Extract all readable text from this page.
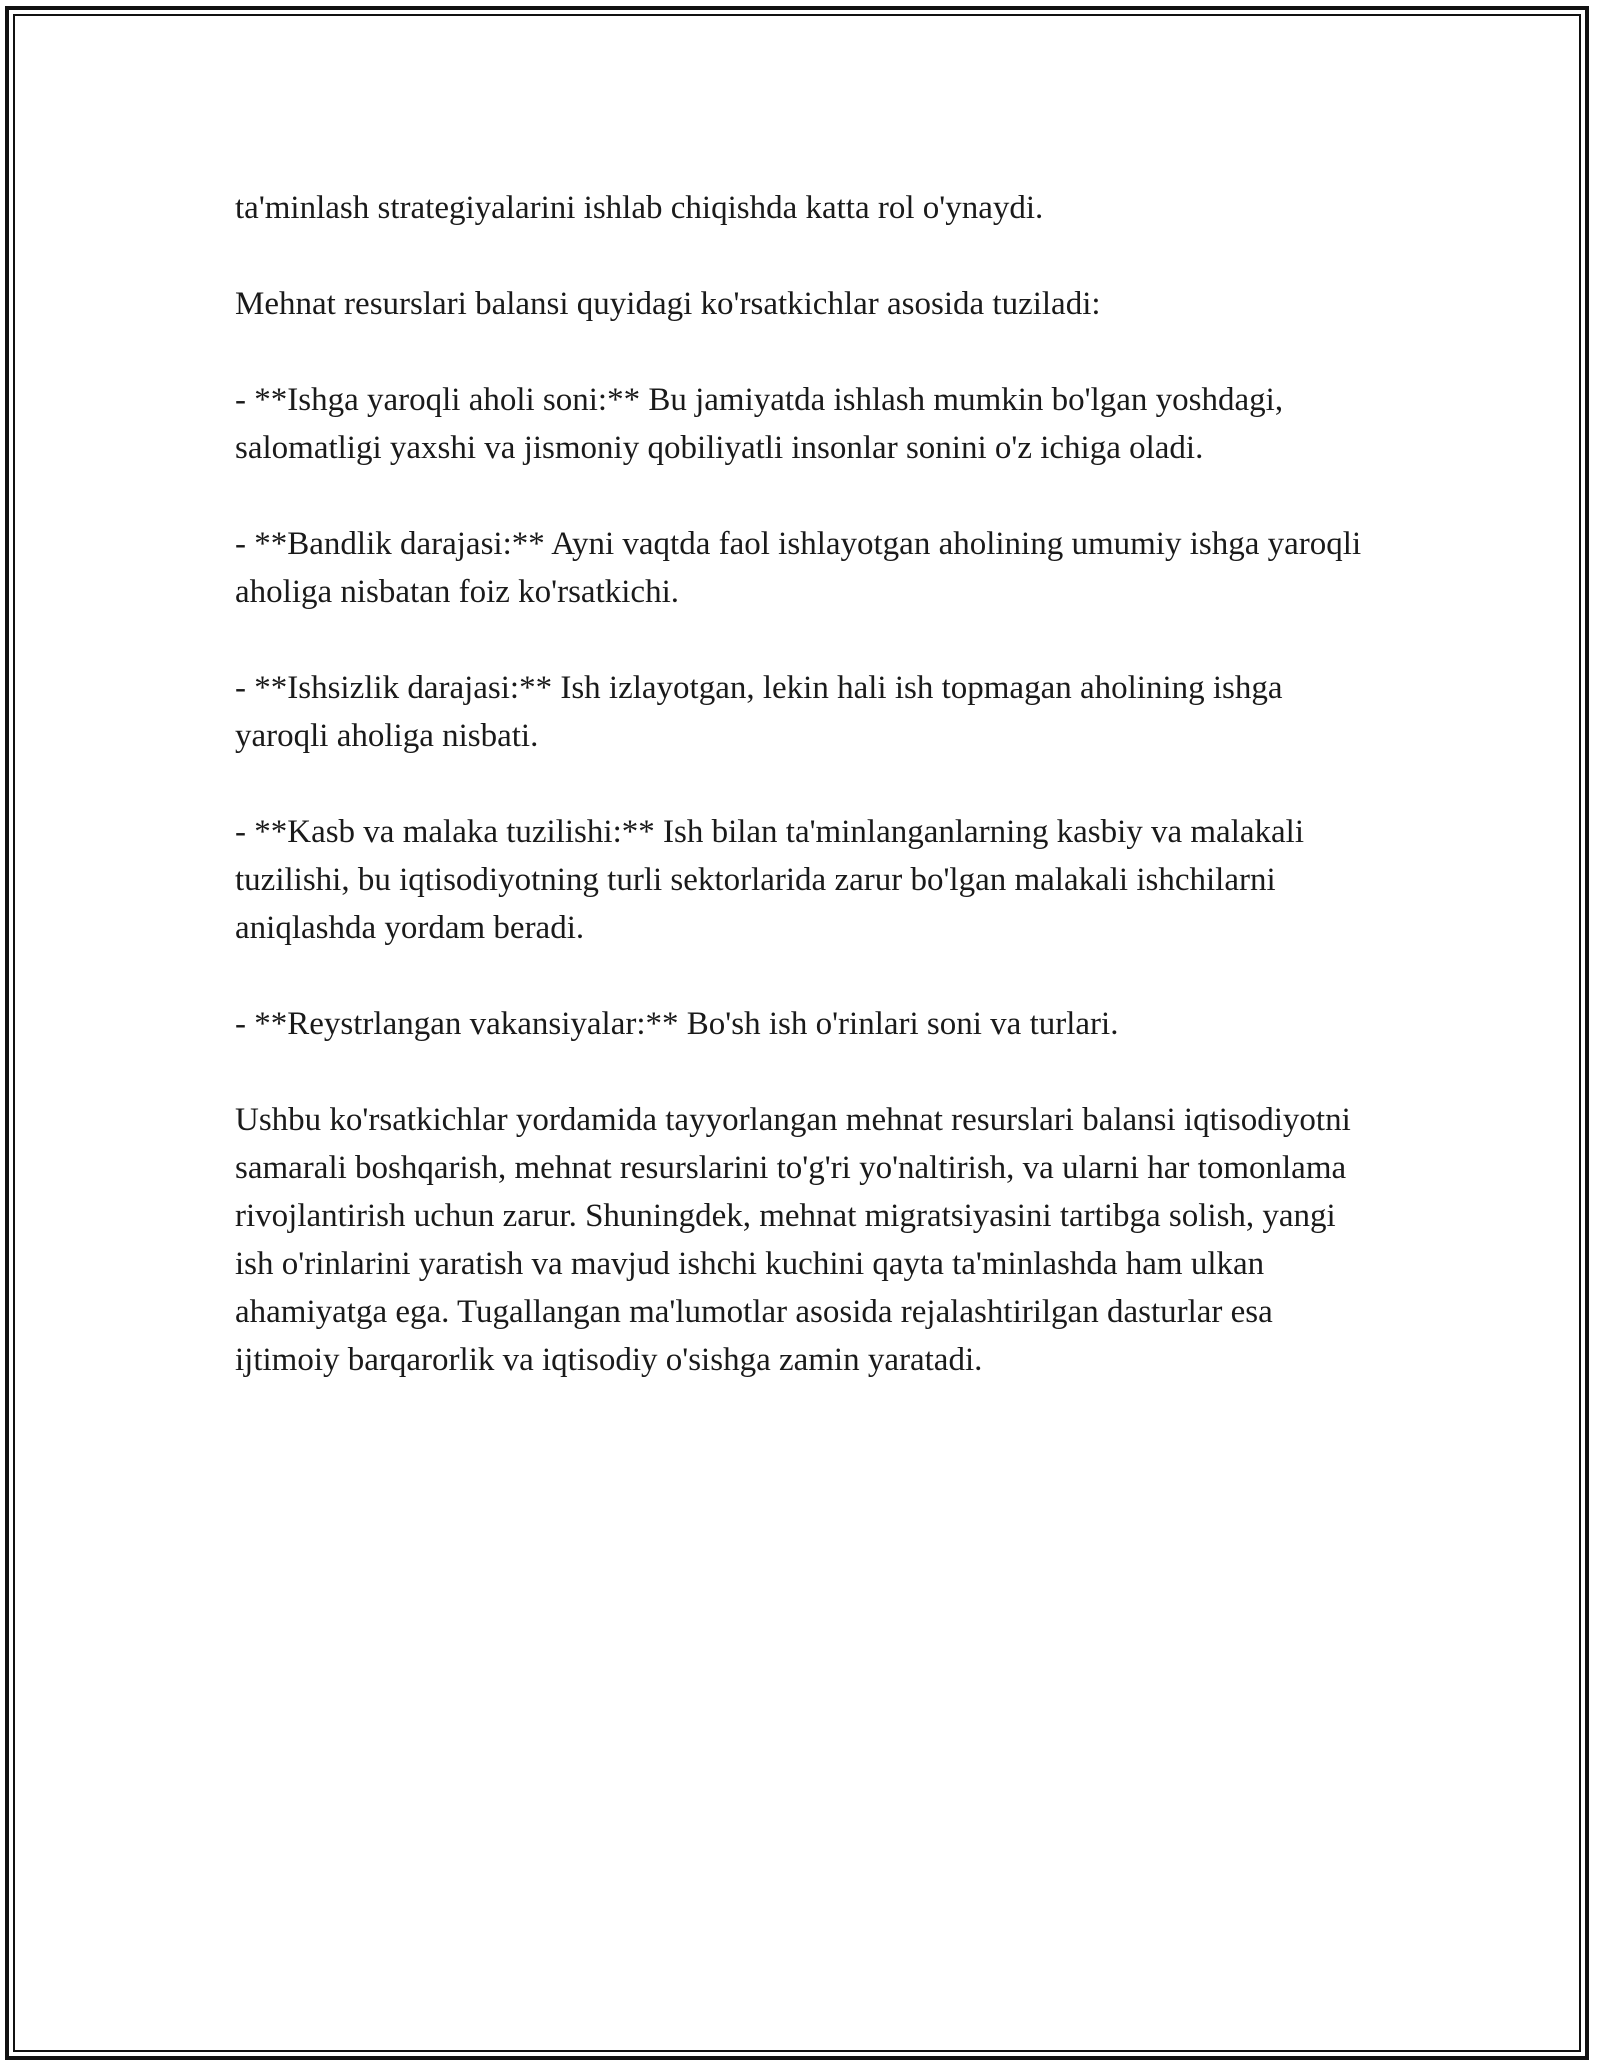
ta'minlash strategiyalarini ishlab chiqishda katta rol o'ynaydi.

Mehnat resurslari balansi quyidagi ko'rsatkichlar asosida tuziladi:

- **Ishga yaroqli aholi soni:** Bu jamiyatda ishlash mumkin bo'lgan yoshdagi, salomatligi yaxshi va jismoniy qobiliyatli insonlar sonini o'z ichiga oladi.

- **Bandlik darajasi:** Ayni vaqtda faol ishlayotgan aholining umumiy ishga yaroqli aholiga nisbatan foiz ko'rsatkichi.

- **Ishsizlik darajasi:** Ish izlayotgan, lekin hali ish topmagan aholining ishga yaroqli aholiga nisbati.

- **Kasb va malaka tuzilishi:** Ish bilan ta'minlanganlarning kasbiy va malakali tuzilishi, bu iqtisodiyotning turli sektorlarida zarur bo'lgan malakali ishchilarni aniqlashda yordam beradi.

- **Reystrlangan vakansiyalar:** Bo'sh ish o'rinlari soni va turlari.

Ushbu ko'rsatkichlar yordamida tayyorlangan mehnat resurslari balansi iqtisodiyotni samarali boshqarish, mehnat resurslarini to'g'ri yo'naltirish, va ularni har tomonlama rivojlantirish uchun zarur. Shuningdek, mehnat migratsiyasini tartibga solish, yangi ish o'rinlarini yaratish va mavjud ishchi kuchini qayta ta'minlashda ham ulkan ahamiyatga ega. Tugallangan ma'lumotlar asosida rejalashtirilgan dasturlar esa ijtimoiy barqarorlik va iqtisodiy o'sishga zamin yaratadi.
